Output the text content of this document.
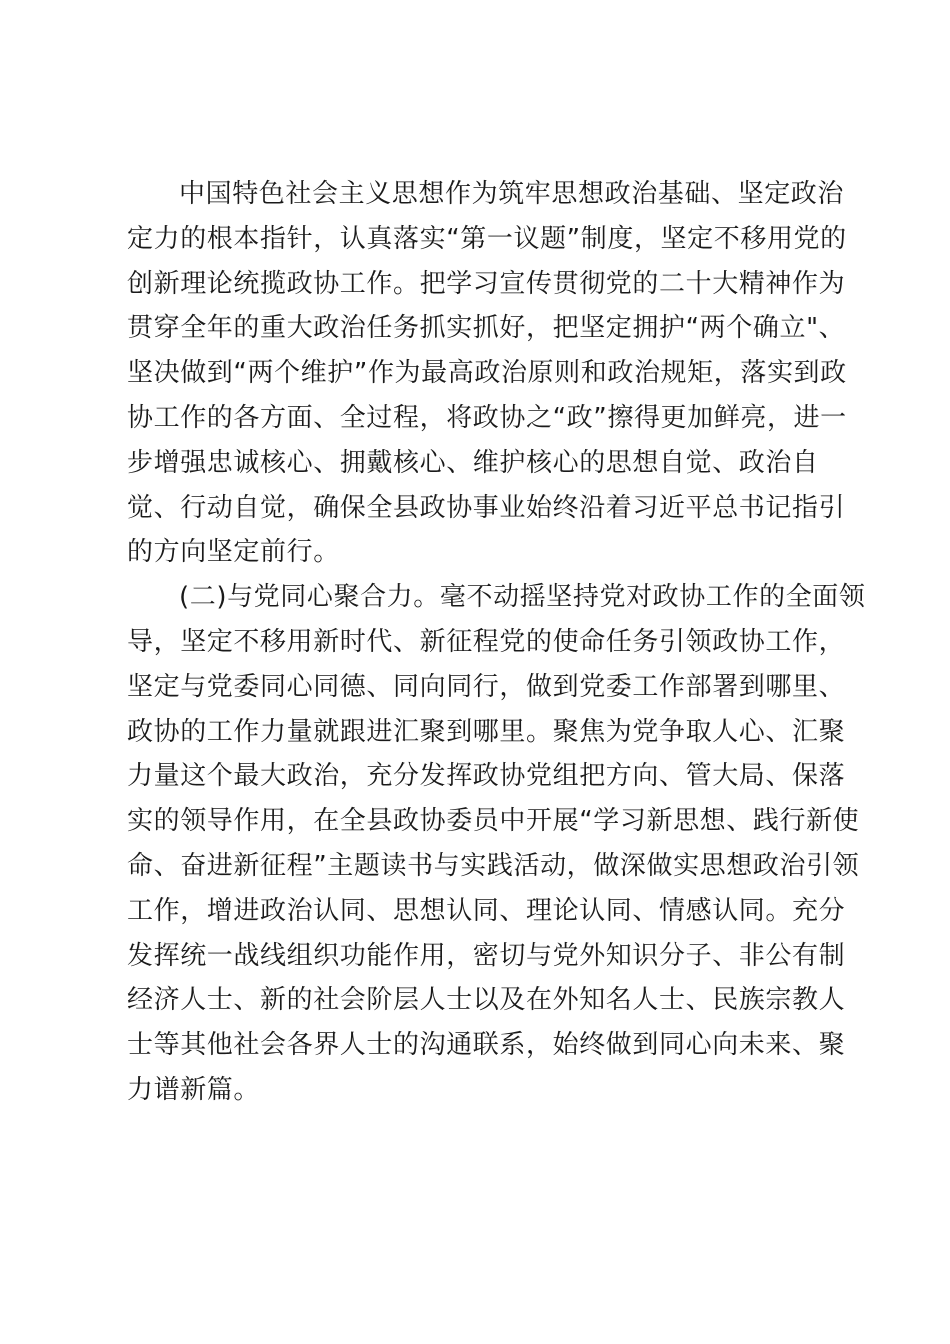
中国特色社会主义思想作为筑牢思想政治基础、坚定政治
定力的根本指针，认真落实“第一议题”制度，坚定不移用党的
创新理论统揽政协工作。把学习宣传贯彻党的二十大精神作为
贯穿全年的重大政治任务抓实抓好，把坚定拥护“两个确立"、
坚决做到“两个维护”作为最高政治原则和政治规矩，落实到政
协工作的各方面、全过程，将政协之“政”擦得更加鲜亮，进一
步增强忠诚核心、拥戴核心、维护核心的思想自觉、政治自
觉、行动自觉，确保全县政协事业始终沿着习近平总书记指引
的方向坚定前行。
(二)与党同心聚合力。毫不动摇坚持党对政协工作的全面领
导，坚定不移用新时代、新征程党的使命任务引领政协工作，
坚定与党委同心同德、同向同行，做到党委工作部署到哪里、
政协的工作力量就跟进汇聚到哪里。聚焦为党争取人心、汇聚
力量这个最大政治，充分发挥政协党组把方向、管大局、保落
实的领导作用，在全县政协委员中开展“学习新思想、践行新使
命、奋进新征程”主题读书与实践活动，做深做实思想政治引领
工作，增进政治认同、思想认同、理论认同、情感认同。充分
发挥统一战线组织功能作用，密切与党外知识分子、非公有制
经济人士、新的社会阶层人士以及在外知名人士、民族宗教人
士等其他社会各界人士的沟通联系，始终做到同心向未来、聚
力谱新篇。
